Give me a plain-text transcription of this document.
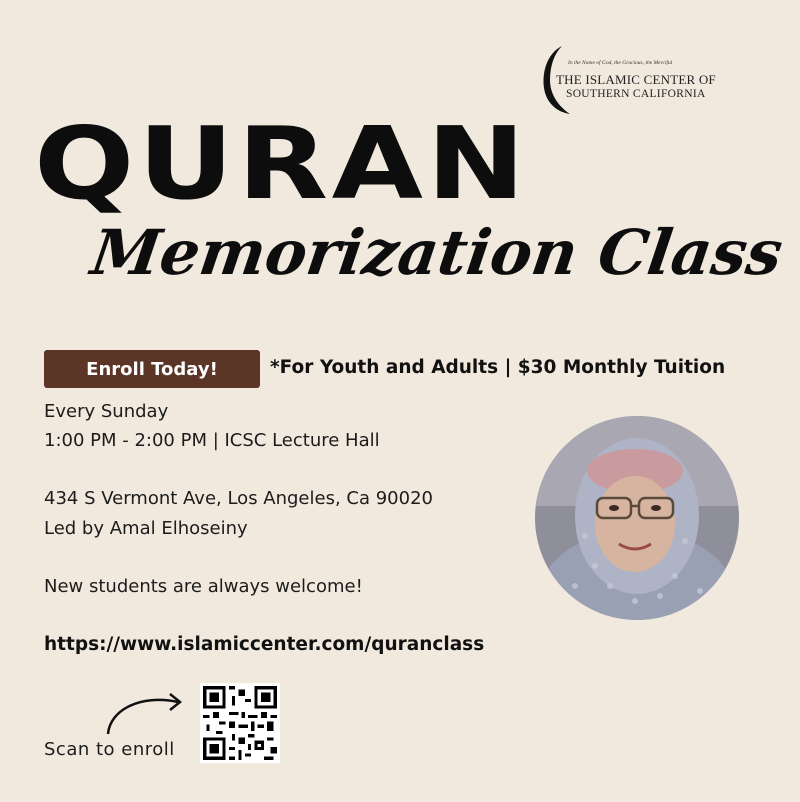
In the Name of God, the Gracious, the Merciful
THE ISLAMIC CENTER OF
SOUTHERN CALIFORNIA
QURAN
Memorization Class
Enroll Today!	*For Youth and Adults | $30 Monthly Tuition
Every Sunday
1:00 PM - 2:00 PM | ICSC Lecture Hall
434 S Vermont Ave, Los Angeles, Ca 90020
Led by Amal Elhoseiny
New students are always welcome!
https://www.islamiccenter.com/quranclass
Scan to enroll
